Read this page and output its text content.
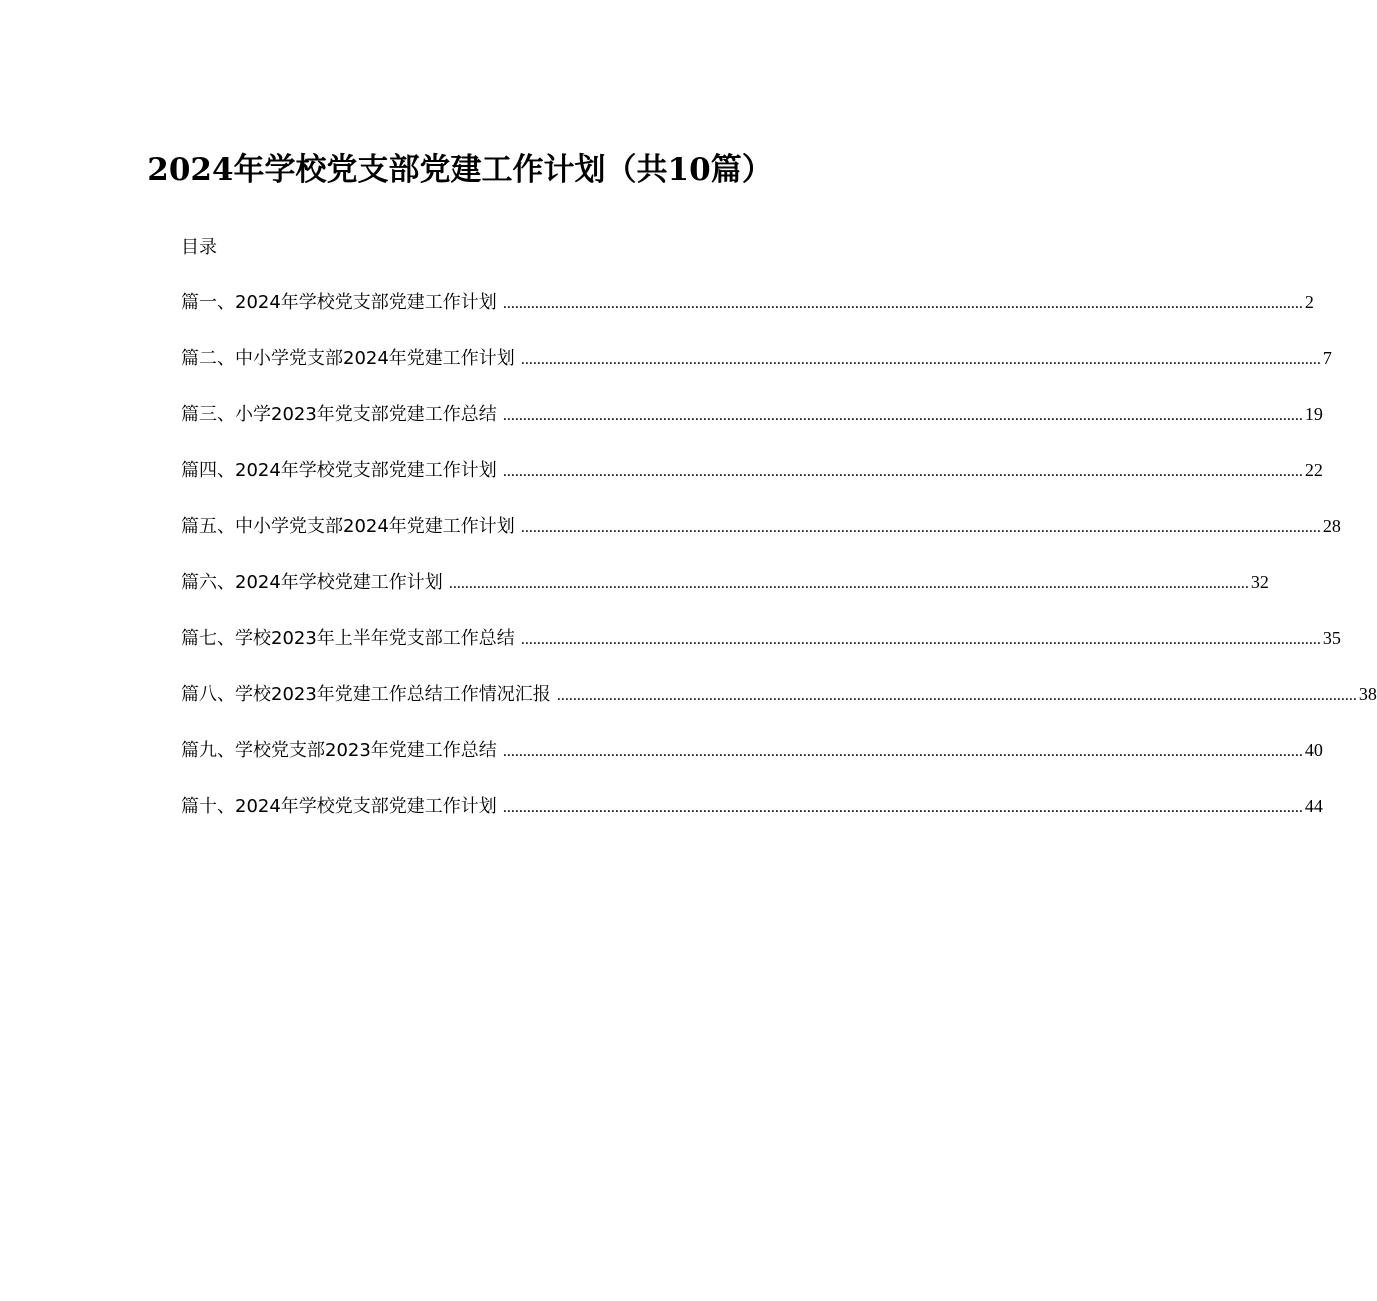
2024年学校党支部党建工作计划（共10篇）
目录
篇一、2024年学校党支部党建工作计划 ........................................................................................................................................................................................................ 2
篇二、中小学党支部2024年党建工作计划 ........................................................................................................................................................................................................ 7
篇三、小学2023年党支部党建工作总结 ........................................................................................................................................................................................................ 19
篇四、2024年学校党支部党建工作计划 ........................................................................................................................................................................................................ 22
篇五、中小学党支部2024年党建工作计划 ........................................................................................................................................................................................................ 28
篇六、2024年学校党建工作计划 ........................................................................................................................................................................................................ 32
篇七、学校2023年上半年党支部工作总结 ........................................................................................................................................................................................................ 35
篇八、学校2023年党建工作总结工作情况汇报 ........................................................................................................................................................................................................ 38
篇九、学校党支部2023年党建工作总结 ........................................................................................................................................................................................................ 40
篇十、2024年学校党支部党建工作计划 ........................................................................................................................................................................................................ 44
